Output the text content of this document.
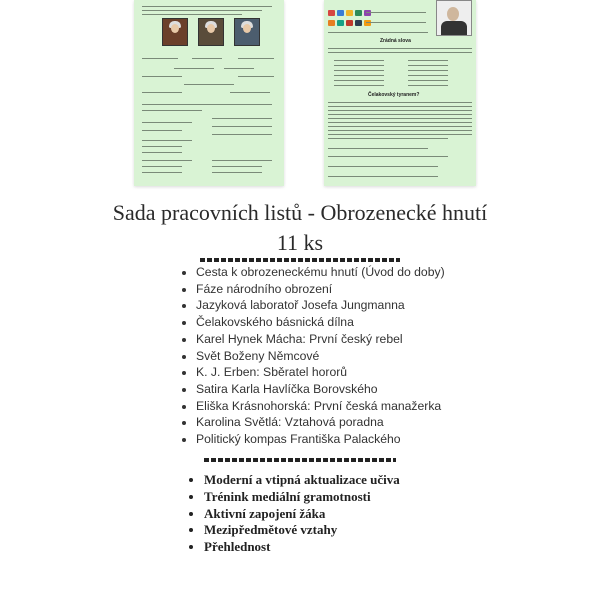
Zrádná slova
Čelakovský tyranem?
Sada pracovních listů - Obrozenecké hnutí
11 ks
• Cesta k obrozeneckému hnutí (Úvod do doby)
• Fáze národního obrození
• Jazyková laboratoř Josefa Jungmanna
• Čelakovského básnická dílna
• Karel Hynek Mácha: První český rebel
• Svět Boženy Němcové
• K. J. Erben: Sběratel hororů
• Satira Karla Havlíčka Borovského
• Eliška Krásnohorská: První česká manažerka
• Karolina Světlá: Vztahová poradna
• Politický kompas Františka Palackého
• Moderní a vtipná aktualizace učiva
• Trénink mediální gramotnosti
• Aktivní zapojení žáka
• Mezipředmětové vztahy
• Přehlednost
